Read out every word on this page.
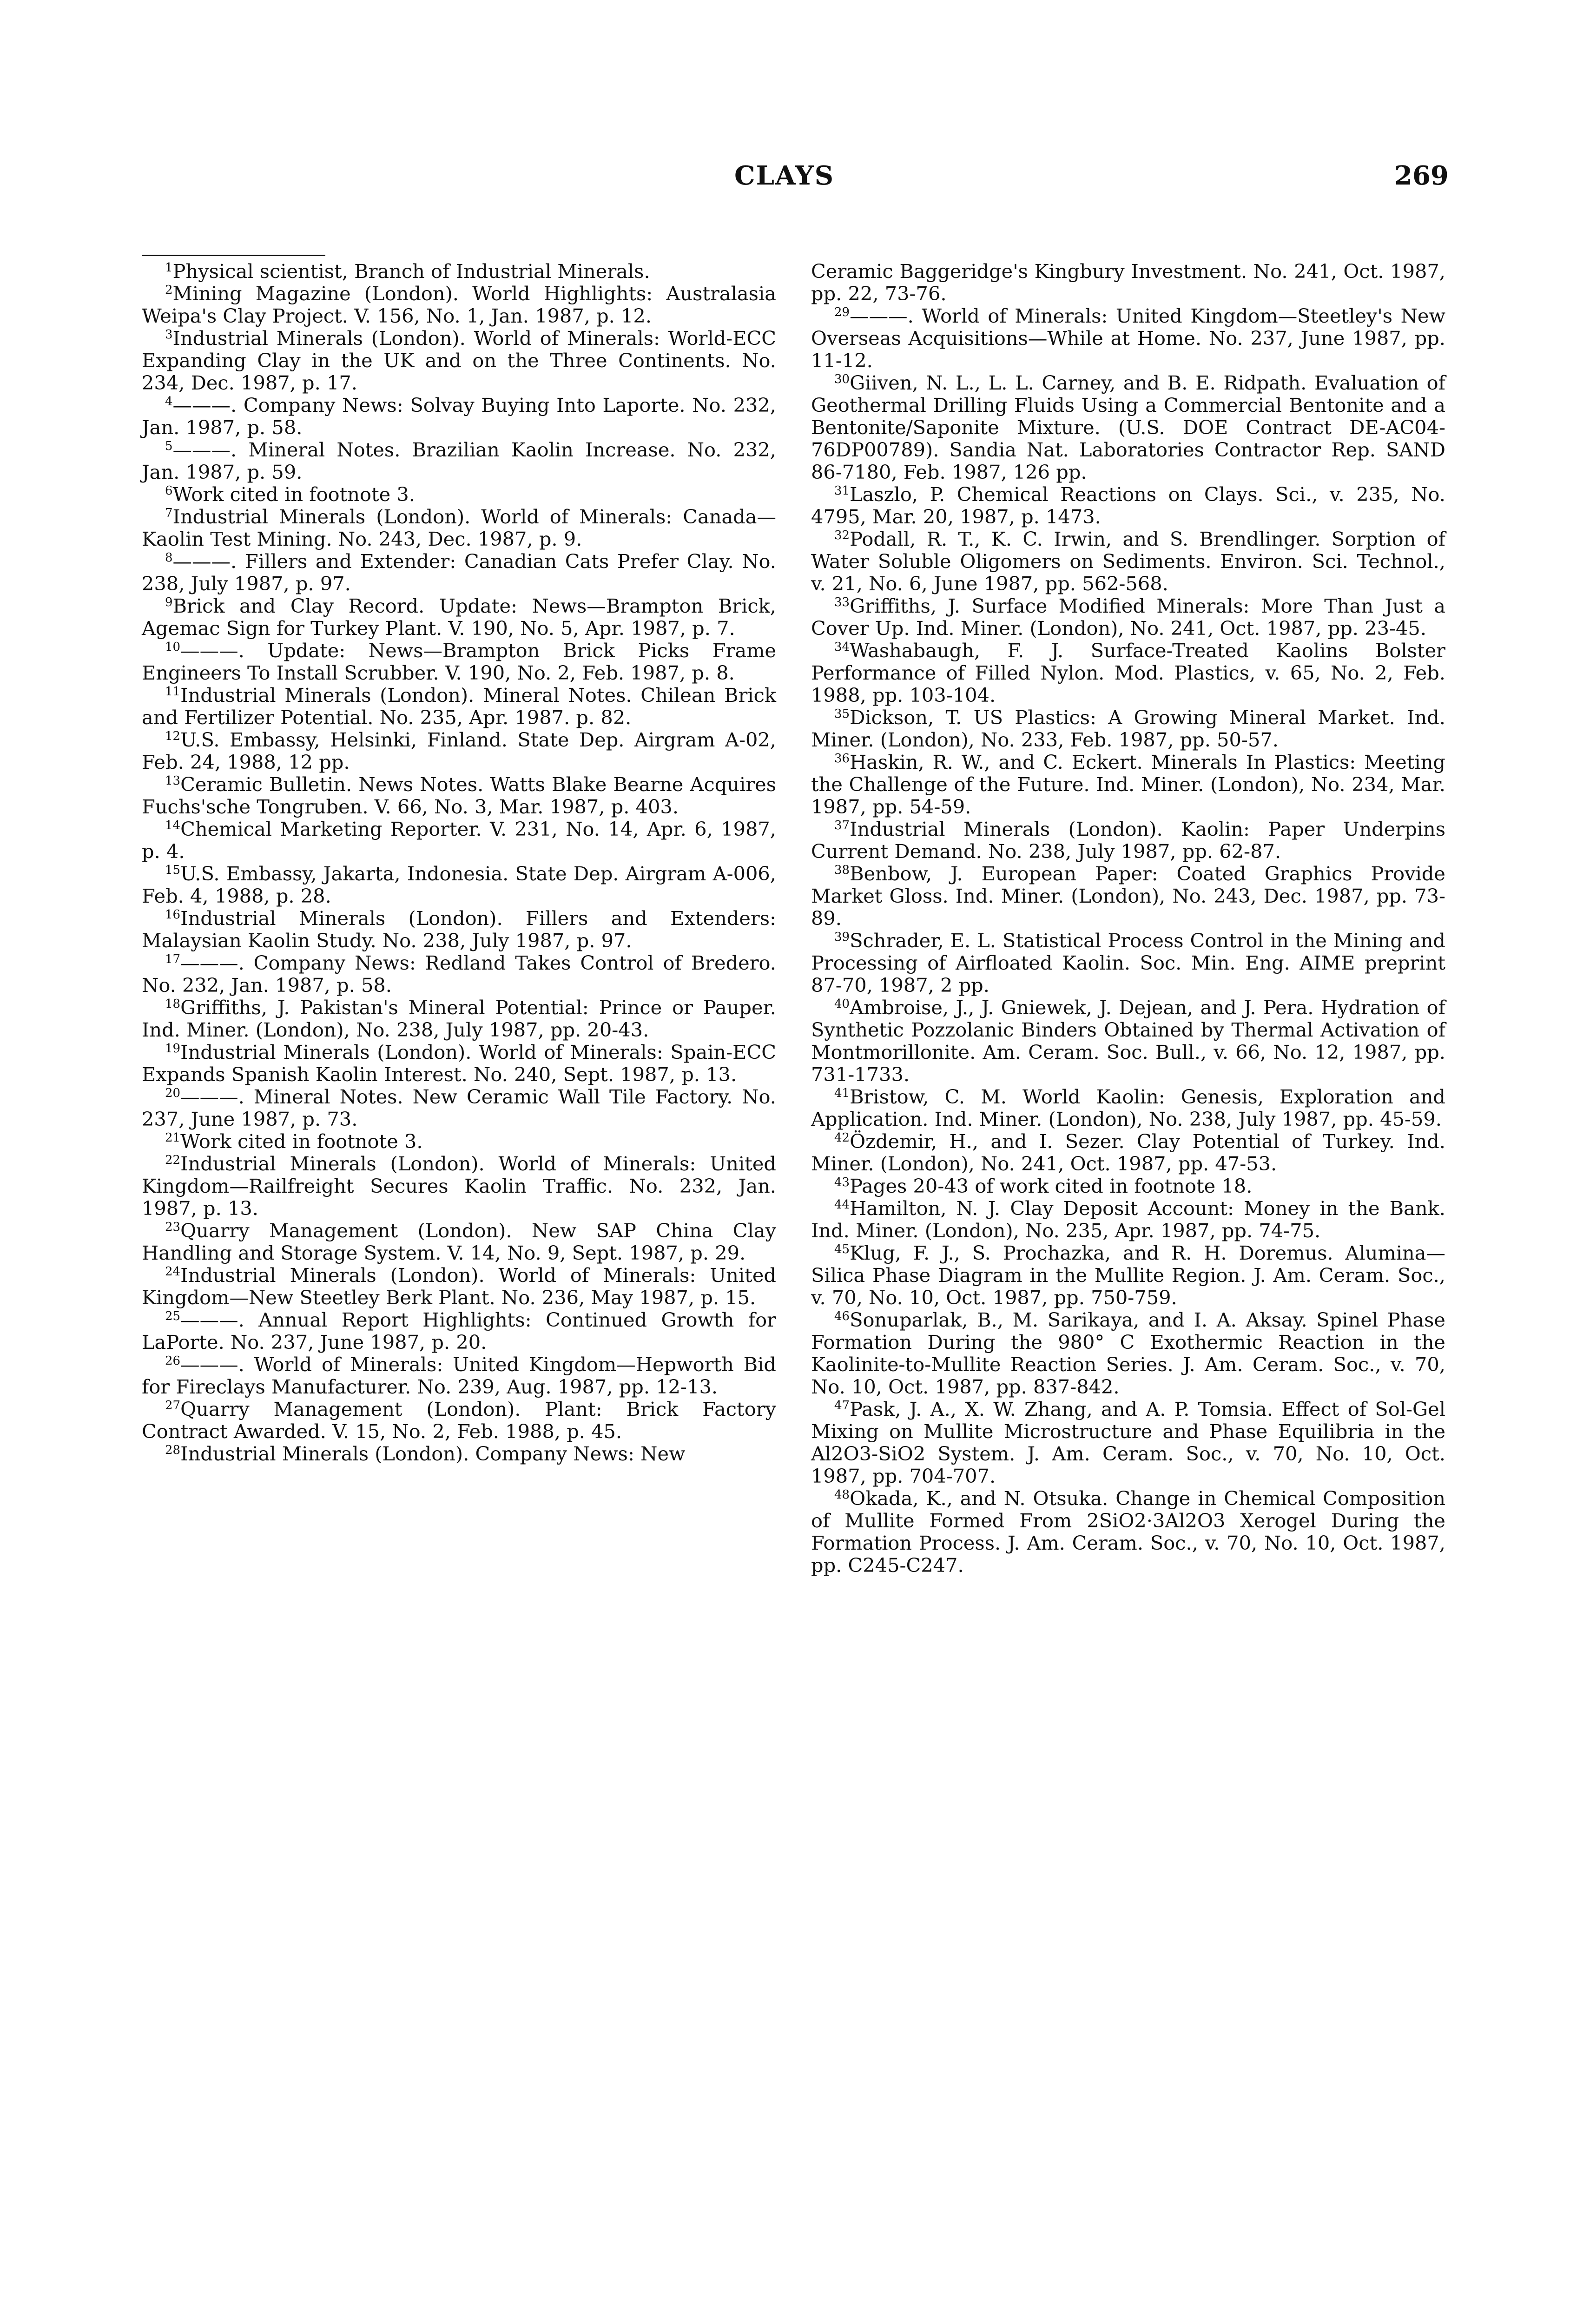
CLAYS	269

$^1$Physical scientist, Branch of Industrial Minerals.

$^2$Mining Magazine (London). World Highlights: Australasia Weipa's Clay Project. V. 156, No. 1, Jan. 1987, p. 12.

$^3$Industrial Minerals (London). World of Minerals: World-ECC Expanding Clay in the UK and on the Three Continents. No. 234, Dec. 1987, p. 17.

$^4$———. Company News: Solvay Buying Into Laporte. No. 232, Jan. 1987, p. 58.

$^5$———. Mineral Notes. Brazilian Kaolin Increase. No. 232, Jan. 1987, p. 59.

$^6$Work cited in footnote 3.

$^7$Industrial Minerals (London). World of Minerals: Canada—Kaolin Test Mining. No. 243, Dec. 1987, p. 9.

$^8$———. Fillers and Extender: Canadian Cats Prefer Clay. No. 238, July 1987, p. 97.

$^9$Brick and Clay Record. Update: News—Brampton Brick, Agemac Sign for Turkey Plant. V. 190, No. 5, Apr. 1987, p. 7.

$^{10}$———. Update: News—Brampton Brick Picks Frame Engineers To Install Scrubber. V. 190, No. 2, Feb. 1987, p. 8.

$^{11}$Industrial Minerals (London). Mineral Notes. Chilean Brick and Fertilizer Potential. No. 235, Apr. 1987. p. 82.

$^{12}$U.S. Embassy, Helsinki, Finland. State Dep. Airgram A-02, Feb. 24, 1988, 12 pp.

$^{13}$Ceramic Bulletin. News Notes. Watts Blake Bearne Acquires Fuchs'sche Tongruben. V. 66, No. 3, Mar. 1987, p. 403.

$^{14}$Chemical Marketing Reporter. V. 231, No. 14, Apr. 6, 1987, p. 4.

$^{15}$U.S. Embassy, Jakarta, Indonesia. State Dep. Airgram A-006, Feb. 4, 1988, p. 28.

$^{16}$Industrial Minerals (London). Fillers and Extenders: Malaysian Kaolin Study. No. 238, July 1987, p. 97.

$^{17}$———. Company News: Redland Takes Control of Bredero. No. 232, Jan. 1987, p. 58.

$^{18}$Griffiths, J. Pakistan's Mineral Potential: Prince or Pauper. Ind. Miner. (London), No. 238, July 1987, pp. 20-43.

$^{19}$Industrial Minerals (London). World of Minerals: Spain-ECC Expands Spanish Kaolin Interest. No. 240, Sept. 1987, p. 13.

$^{20}$———. Mineral Notes. New Ceramic Wall Tile Factory. No. 237, June 1987, p. 73.

$^{21}$Work cited in footnote 3.

$^{22}$Industrial Minerals (London). World of Minerals: United Kingdom—Railfreight Secures Kaolin Traffic. No. 232, Jan. 1987, p. 13.

$^{23}$Quarry Management (London). New SAP China Clay Handling and Storage System. V. 14, No. 9, Sept. 1987, p. 29.

$^{24}$Industrial Minerals (London). World of Minerals: United Kingdom—New Steetley Berk Plant. No. 236, May 1987, p. 15.

$^{25}$———. Annual Report Highlights: Continued Growth for LaPorte. No. 237, June 1987, p. 20.

$^{26}$———. World of Minerals: United Kingdom—Hepworth Bid for Fireclays Manufacturer. No. 239, Aug. 1987, pp. 12-13.

$^{27}$Quarry Management (London). Plant: Brick Factory Contract Awarded. V. 15, No. 2, Feb. 1988, p. 45.

$^{28}$Industrial Minerals (London). Company News: New

Ceramic Baggeridge's Kingbury Investment. No. 241, Oct. 1987, pp. 22, 73-76.

$^{29}$———. World of Minerals: United Kingdom—Steetley's New Overseas Acquisitions—While at Home. No. 237, June 1987, pp. 11-12.

$^{30}$Giiven, N. L., L. L. Carney, and B. E. Ridpath. Evaluation of Geothermal Drilling Fluids Using a Commercial Bentonite and a Bentonite/Saponite Mixture. (U.S. DOE Contract DE-AC04-76DP00789). Sandia Nat. Laboratories Contractor Rep. SAND 86-7180, Feb. 1987, 126 pp.

$^{31}$Laszlo, P. Chemical Reactions on Clays. Sci., v. 235, No. 4795, Mar. 20, 1987, p. 1473.

$^{32}$Podall, R. T., K. C. Irwin, and S. Brendlinger. Sorption of Water Soluble Oligomers on Sediments. Environ. Sci. Technol., v. 21, No. 6, June 1987, pp. 562-568.

$^{33}$Griffiths, J. Surface Modified Minerals: More Than Just a Cover Up. Ind. Miner. (London), No. 241, Oct. 1987, pp. 23-45.

$^{34}$Washabaugh, F. J. Surface-Treated Kaolins Bolster Performance of Filled Nylon. Mod. Plastics, v. 65, No. 2, Feb. 1988, pp. 103-104.

$^{35}$Dickson, T. US Plastics: A Growing Mineral Market. Ind. Miner. (London), No. 233, Feb. 1987, pp. 50-57.

$^{36}$Haskin, R. W., and C. Eckert. Minerals In Plastics: Meeting the Challenge of the Future. Ind. Miner. (London), No. 234, Mar. 1987, pp. 54-59.

$^{37}$Industrial Minerals (London). Kaolin: Paper Underpins Current Demand. No. 238, July 1987, pp. 62-87.

$^{38}$Benbow, J. European Paper: Coated Graphics Provide Market Gloss. Ind. Miner. (London), No. 243, Dec. 1987, pp. 73-89.

$^{39}$Schrader, E. L. Statistical Process Control in the Mining and Processing of Airfloated Kaolin. Soc. Min. Eng. AIME preprint 87-70, 1987, 2 pp.

$^{40}$Ambroise, J., J. Gniewek, J. Dejean, and J. Pera. Hydration of Synthetic Pozzolanic Binders Obtained by Thermal Activation of Montmorillonite. Am. Ceram. Soc. Bull., v. 66, No. 12, 1987, pp. 731-1733.

$^{41}$Bristow, C. M. World Kaolin: Genesis, Exploration and Application. Ind. Miner. (London), No. 238, July 1987, pp. 45-59.

$^{42}$Özdemir, H., and I. Sezer. Clay Potential of Turkey. Ind. Miner. (London), No. 241, Oct. 1987, pp. 47-53.

$^{43}$Pages 20-43 of work cited in footnote 18.

$^{44}$Hamilton, N. J. Clay Deposit Account: Money in the Bank. Ind. Miner. (London), No. 235, Apr. 1987, pp. 74-75.

$^{45}$Klug, F. J., S. Prochazka, and R. H. Doremus. Alumina—Silica Phase Diagram in the Mullite Region. J. Am. Ceram. Soc., v. 70, No. 10, Oct. 1987, pp. 750-759.

$^{46}$Sonuparlak, B., M. Sarikaya, and I. A. Aksay. Spinel Phase Formation During the 980° C Exothermic Reaction in the Kaolinite-to-Mullite Reaction Series. J. Am. Ceram. Soc., v. 70, No. 10, Oct. 1987, pp. 837-842.

$^{47}$Pask, J. A., X. W. Zhang, and A. P. Tomsia. Effect of Sol-Gel Mixing on Mullite Microstructure and Phase Equilibria in the Al2O3-SiO2 System. J. Am. Ceram. Soc., v. 70, No. 10, Oct. 1987, pp. 704-707.

$^{48}$Okada, K., and N. Otsuka. Change in Chemical Composition of Mullite Formed From 2SiO2·3Al2O3 Xerogel During the Formation Process. J. Am. Ceram. Soc., v. 70, No. 10, Oct. 1987, pp. C245-C247.
